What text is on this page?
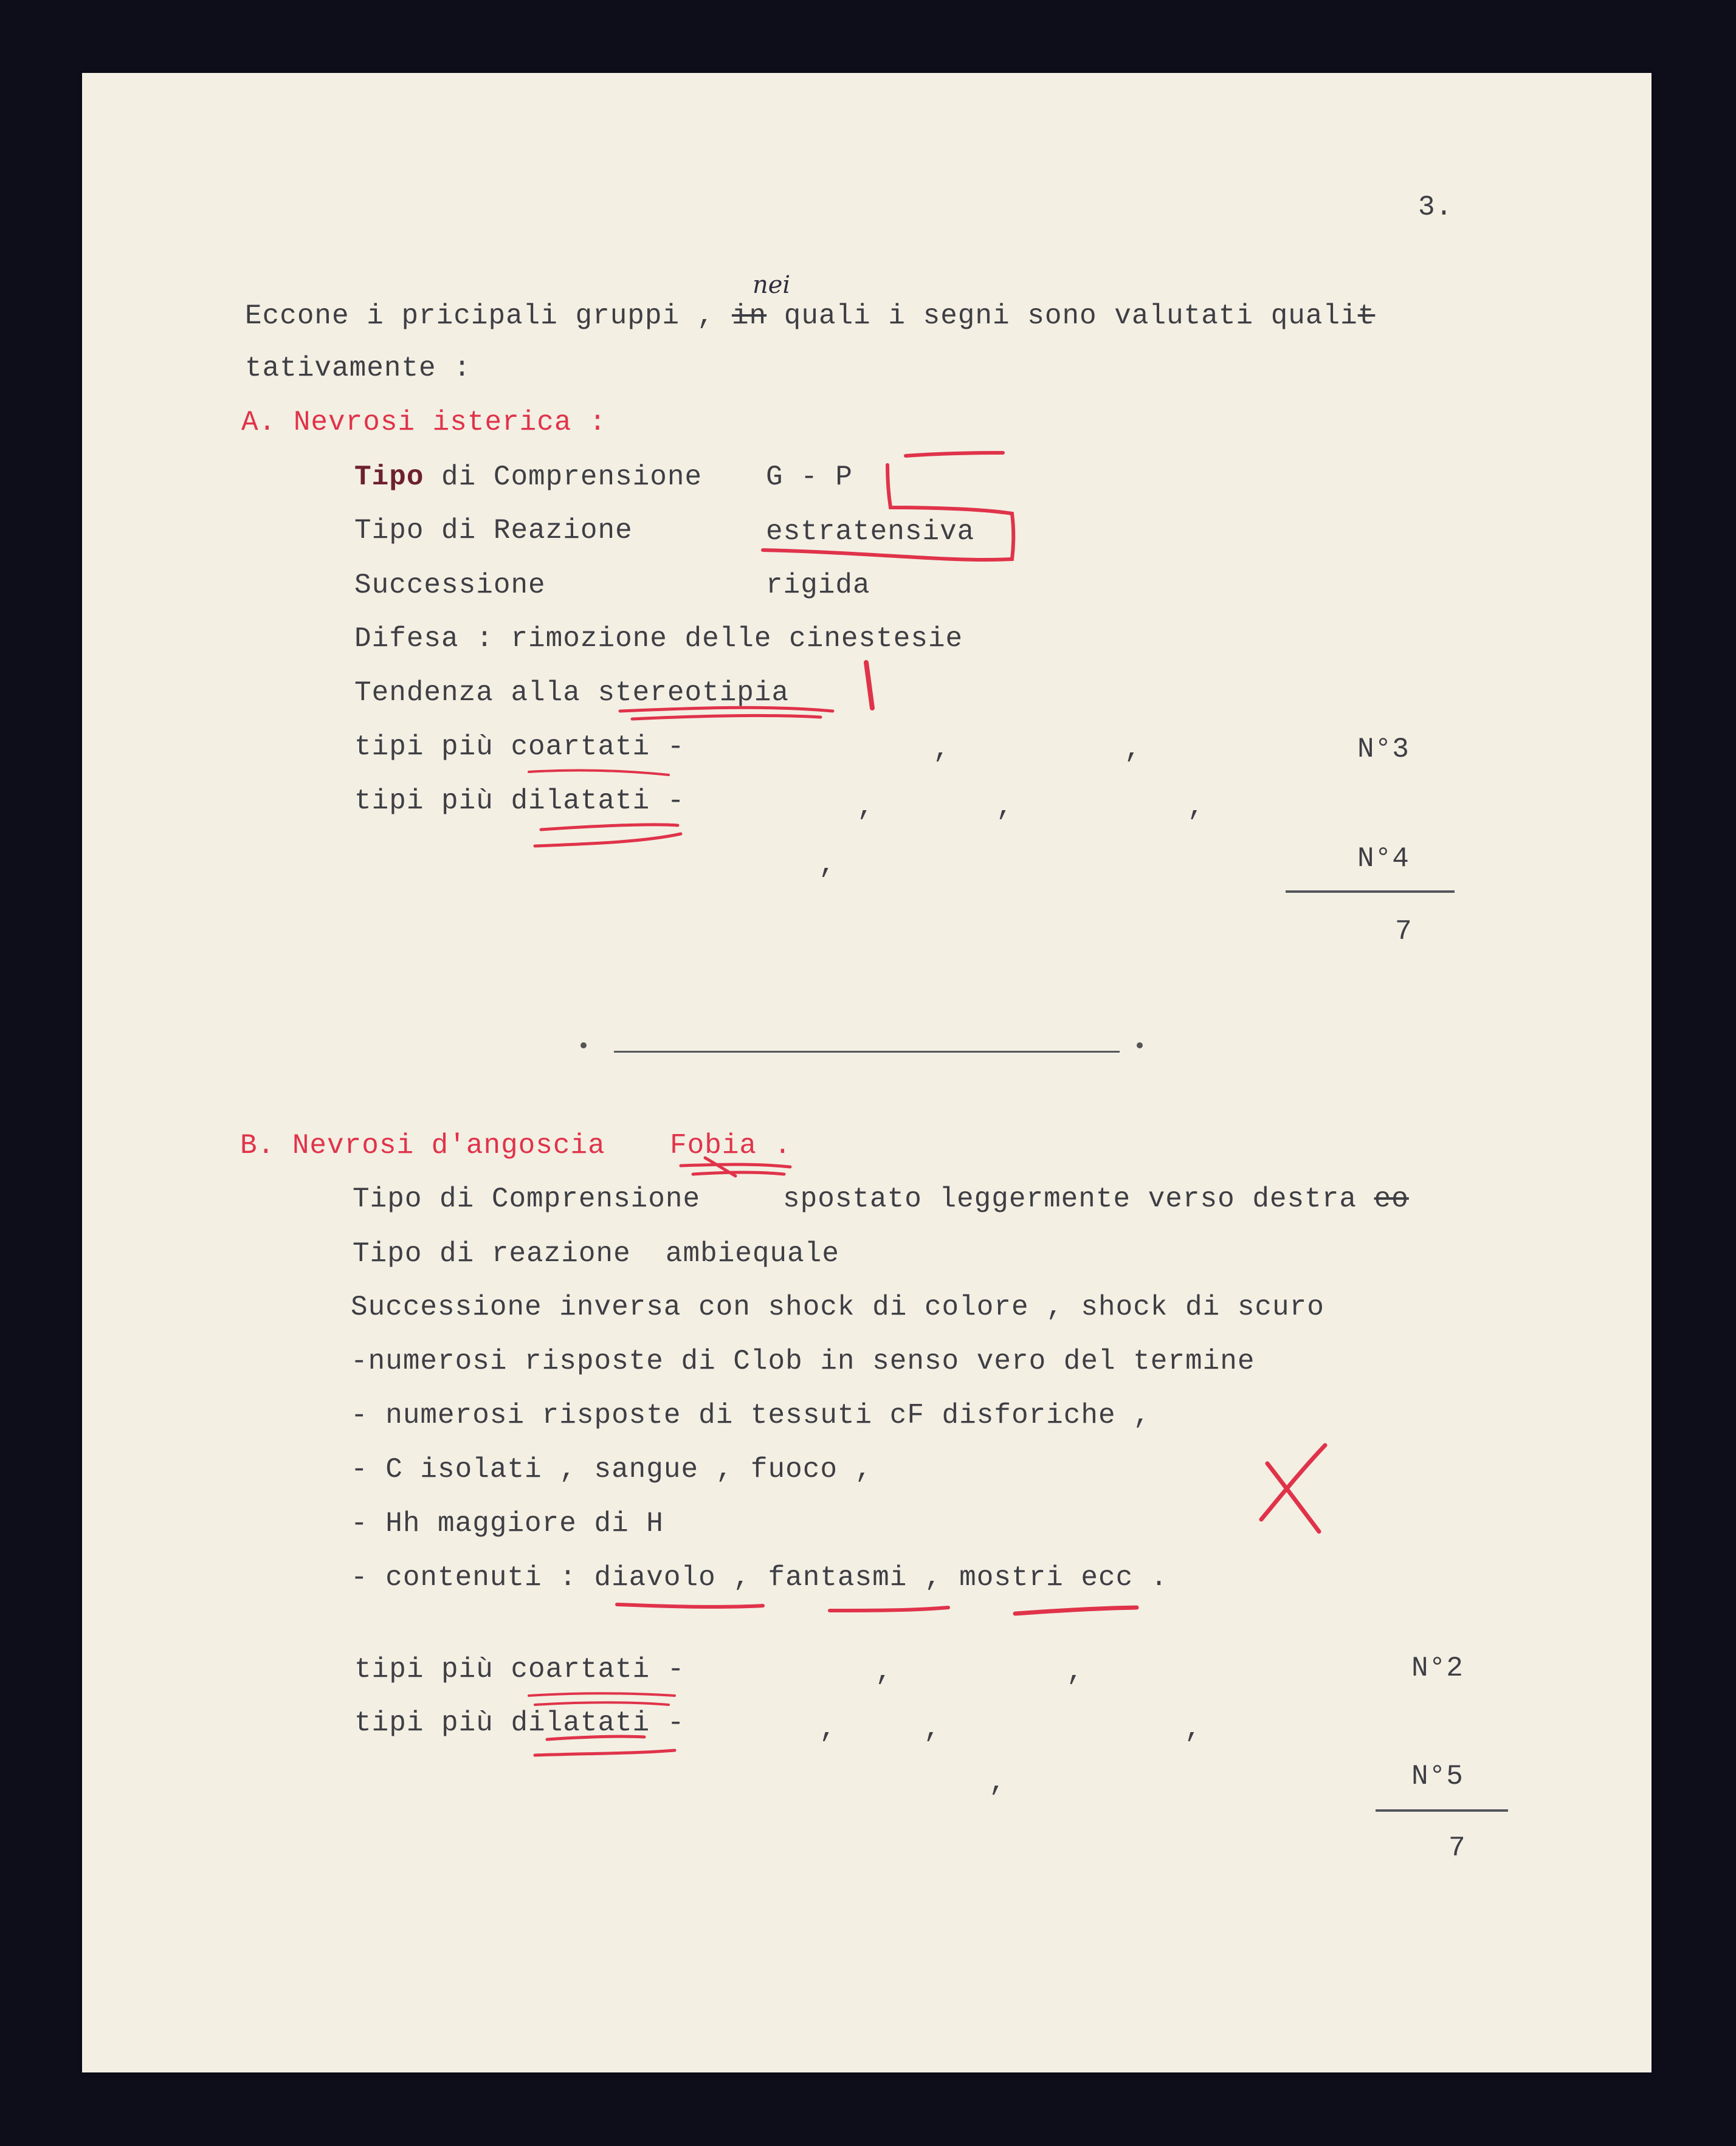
3.
nei
Eccone i pricipali gruppi , in quali i segni sono valutati qualit
tativamente :
A. Nevrosi isterica :
Tipo di Comprensione G - P
Tipo di Reazione	estratensiva
Successione	rigida
Difesa : rimozione delle cinestesie
Tendenza alla stereotipia
tipi più coartati -	,          ,	N°3
tipi più dilatati -	,       ,          ,
,	N°4
7
B. Nevrosi d'angoscia Fobia .
Tipo di Comprensione	spostato leggermente verso destra eo
Tipo di reazione  ambiequale
Successione inversa con shock di colore , shock di scuro
-numerosi risposte di Clob in senso vero del termine
- numerosi risposte di tessuti cF disforiche ,
- C isolati , sangue , fuoco ,
- Hh maggiore di H
- contenuti : diavolo , fantasmi , mostri ecc .
tipi più coartati -	,          ,	N°2
tipi più dilatati -	,     ,              ,
,	N°5
7
